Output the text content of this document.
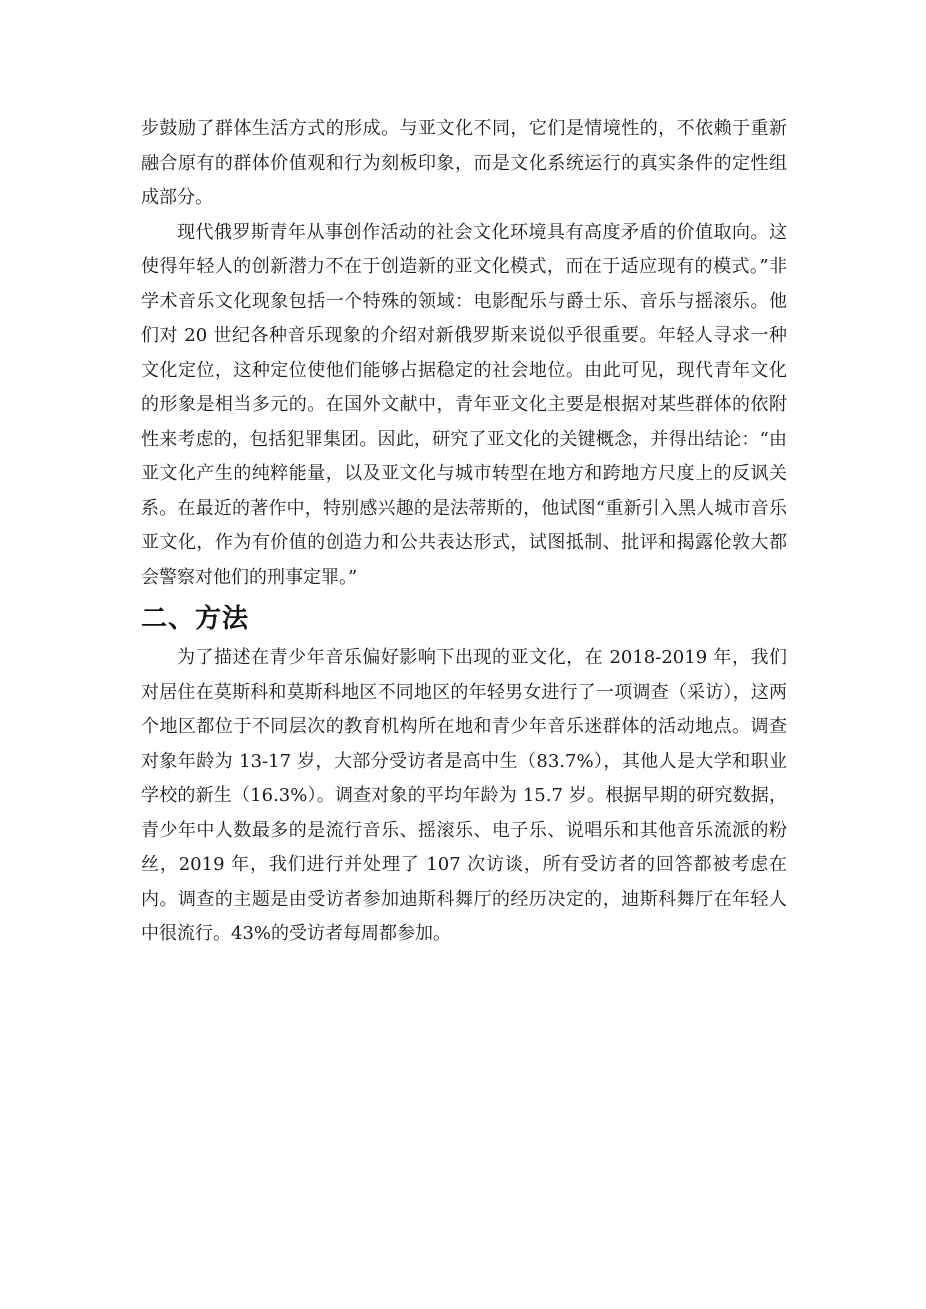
步鼓励了群体生活方式的形成。与亚文化不同，它们是情境性的，不依赖于重新融合原有的群体价值观和行为刻板印象，而是文化系统运行的真实条件的定性组成部分。

现代俄罗斯青年从事创作活动的社会文化环境具有高度矛盾的价值取向。这使得年轻人的创新潜力不在于创造新的亚文化模式，而在于适应现有的模式。”非学术音乐文化现象包括一个特殊的领域：电影配乐与爵士乐、音乐与摇滚乐。他们对 20 世纪各种音乐现象的介绍对新俄罗斯来说似乎很重要。年轻人寻求一种文化定位，这种定位使他们能够占据稳定的社会地位。由此可见，现代青年文化的形象是相当多元的。在国外文献中，青年亚文化主要是根据对某些群体的依附性来考虑的，包括犯罪集团。因此，研究了亚文化的关键概念，并得出结论：“由亚文化产生的纯粹能量，以及亚文化与城市转型在地方和跨地方尺度上的反讽关系。在最近的著作中，特别感兴趣的是法蒂斯的，他试图“重新引入黑人城市音乐亚文化，作为有价值的创造力和公共表达形式，试图抵制、批评和揭露伦敦大都会警察对他们的刑事定罪。”

二、方法

为了描述在青少年音乐偏好影响下出现的亚文化，在 2018-2019 年，我们对居住在莫斯科和莫斯科地区不同地区的年轻男女进行了一项调查（采访），这两个地区都位于不同层次的教育机构所在地和青少年音乐迷群体的活动地点。调查对象年龄为 13-17 岁，大部分受访者是高中生（83.7%），其他人是大学和职业学校的新生（16.3%）。调查对象的平均年龄为 15.7 岁。根据早期的研究数据，青少年中人数最多的是流行音乐、摇滚乐、电子乐、说唱乐和其他音乐流派的粉丝，2019 年，我们进行并处理了 107 次访谈，所有受访者的回答都被考虑在内。调查的主题是由受访者参加迪斯科舞厅的经历决定的，迪斯科舞厅在年轻人中很流行。43%的受访者每周都参加。
